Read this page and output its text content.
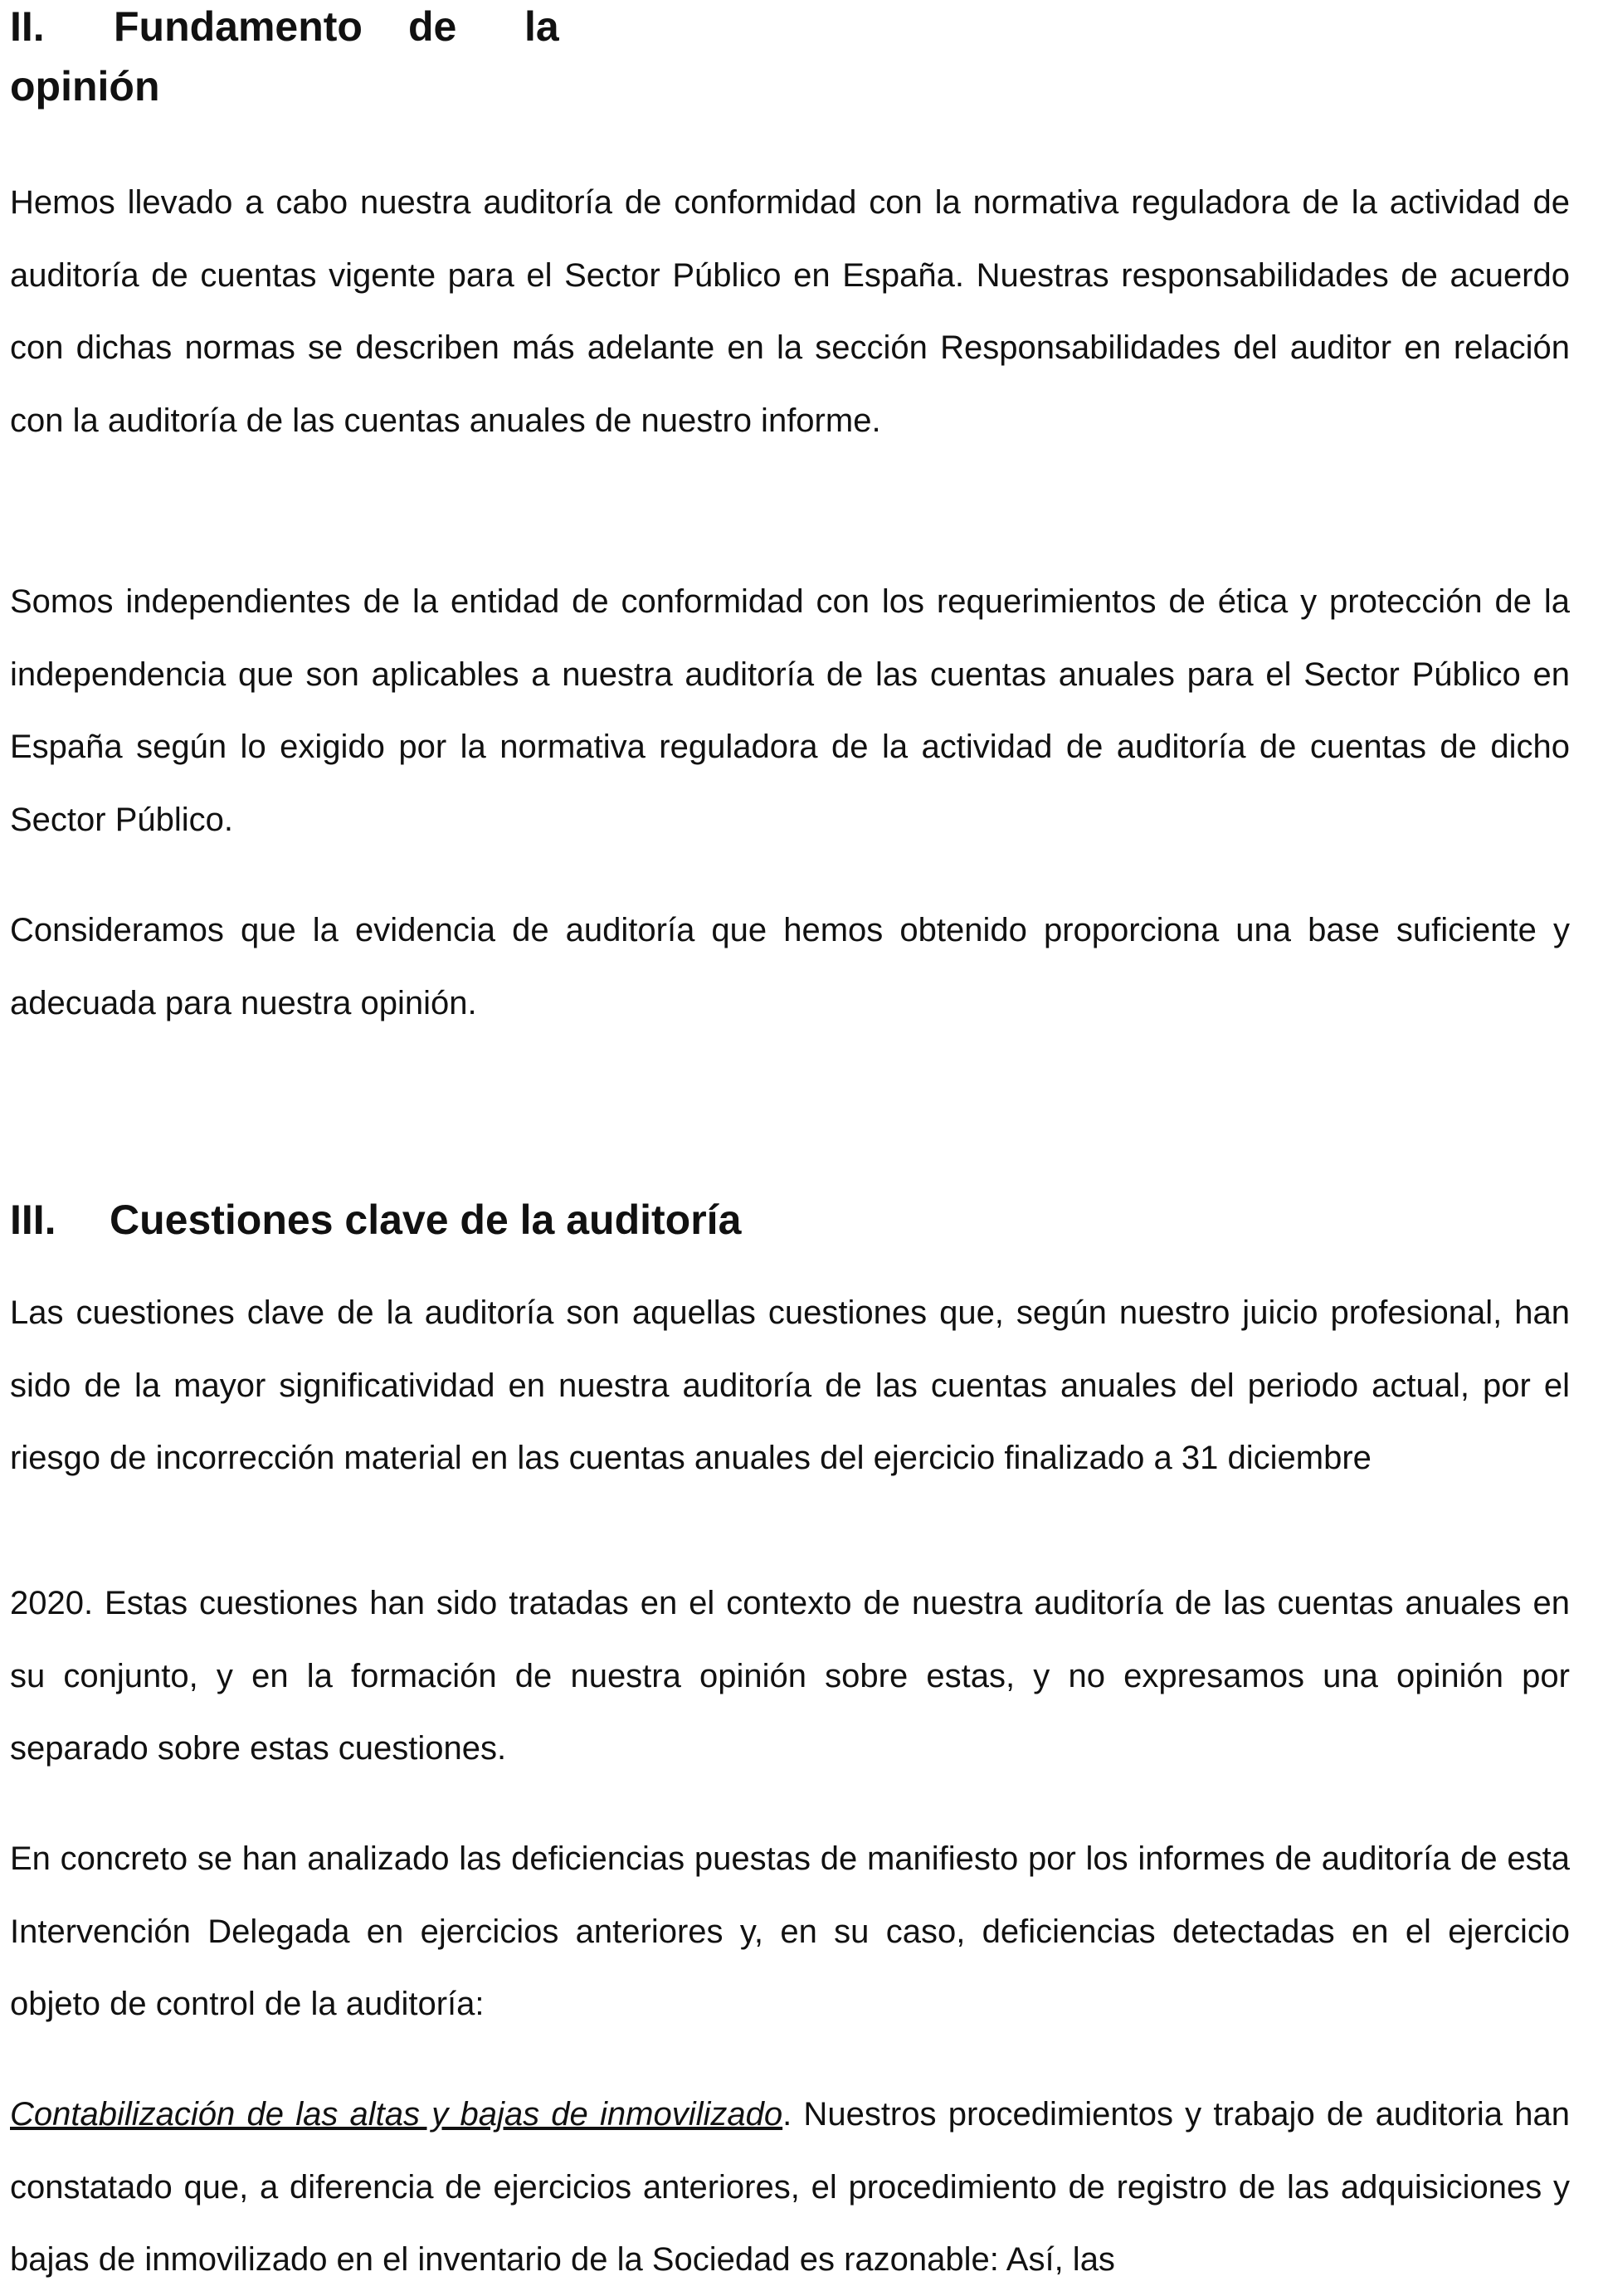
II. Fundamento de la
opinión

Hemos llevado a cabo nuestra auditoría de conformidad con la normativa reguladora de la actividad de auditoría de cuentas vigente para el Sector Público en España. Nuestras responsabilidades de acuerdo con dichas normas se describen más adelante en la sección Responsabilidades del auditor en relación con la auditoría de las cuentas anuales de nuestro informe.

Somos independientes de la entidad de conformidad con los requerimientos de ética y protección de la independencia que son aplicables a nuestra auditoría de las cuentas anuales para el Sector Público en España según lo exigido por la normativa reguladora de la actividad de auditoría de cuentas de dicho Sector Público.

Consideramos que la evidencia de auditoría que hemos obtenido proporciona una base suficiente y adecuada para nuestra opinión.

III. Cuestiones clave de la auditoría

Las cuestiones clave de la auditoría son aquellas cuestiones que, según nuestro juicio profesional, han sido de la mayor significatividad en nuestra auditoría de las cuentas anuales del periodo actual, por el riesgo de incorrección material en las cuentas anuales del ejercicio finalizado a 31 diciembre

2020. Estas cuestiones han sido tratadas en el contexto de nuestra auditoría de las cuentas anuales en su conjunto, y en la formación de nuestra opinión sobre estas, y no expresamos una opinión por separado sobre estas cuestiones.

En concreto se han analizado las deficiencias puestas de manifiesto por los informes de auditoría de esta Intervención Delegada en ejercicios anteriores y, en su caso, deficiencias detectadas en el ejercicio objeto de control de la auditoría:

Contabilización de las altas y bajas de inmovilizado. Nuestros procedimientos y trabajo de auditoria han constatado que, a diferencia de ejercicios anteriores, el procedimiento de registro de las adquisiciones y bajas de inmovilizado en el inventario de la Sociedad es razonable: Así, las
